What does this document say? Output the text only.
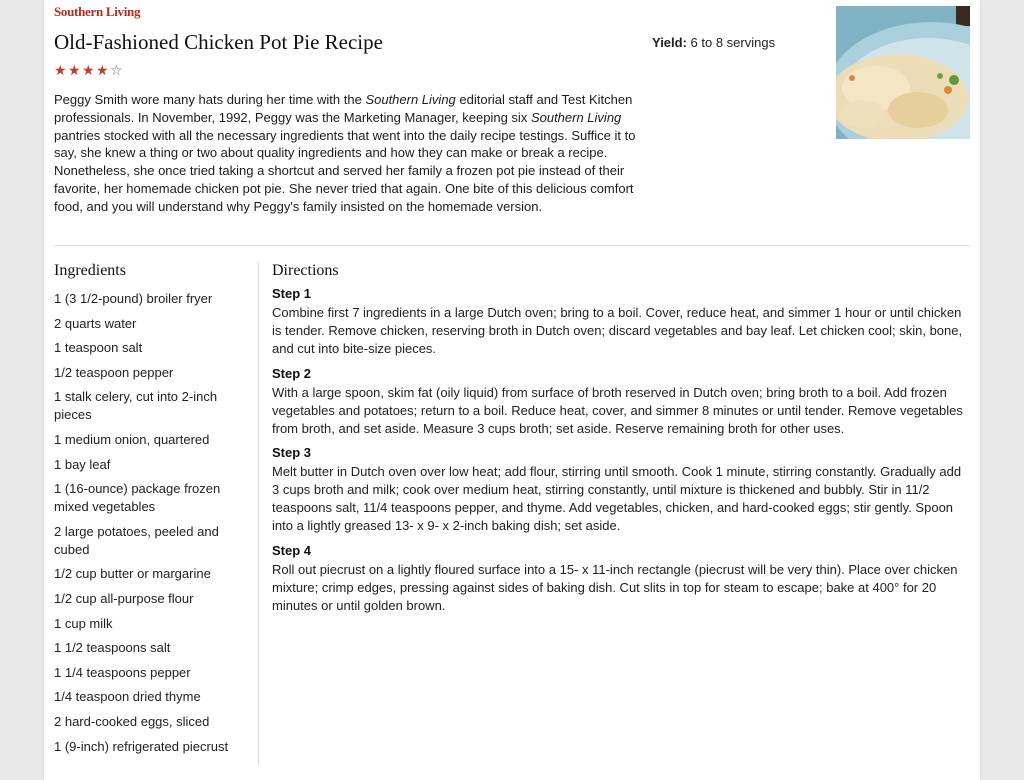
Southern Living
Old-Fashioned Chicken Pot Pie Recipe
★ ★ ★ ★ ☆
Yield: 6 to 8 servings

Peggy Smith wore many hats during her time with the Southern Living editorial staff and Test Kitchen professionals. In November, 1992, Peggy was the Marketing Manager, keeping six Southern Living pantries stocked with all the necessary ingredients that went into the daily recipe testings. Suffice it to say, she knew a thing or two about quality ingredients and how they can make or break a recipe. Nonetheless, she once tried taking a shortcut and served her family a frozen pot pie instead of their favorite, her homemade chicken pot pie. She never tried that again. One bite of this delicious comfort food, and you will understand why Peggy's family insisted on the homemade version.

Ingredients	Directions
1 (3 1/2-pound) broiler fryer
2 quarts water
1 teaspoon salt
1/2 teaspoon pepper
1 stalk celery, cut into 2-inch pieces
1 medium onion, quartered
1 bay leaf
1 (16-ounce) package frozen mixed vegetables
2 large potatoes, peeled and cubed
1/2 cup butter or margarine
1/2 cup all-purpose flour
1 cup milk
1 1/2 teaspoons salt
1 1/4 teaspoons pepper
1/4 teaspoon dried thyme
2 hard-cooked eggs, sliced
1 (9-inch) refrigerated piecrust

Step 1

Combine first 7 ingredients in a large Dutch oven; bring to a boil. Cover, reduce heat, and simmer 1 hour or until chicken is tender. Remove chicken, reserving broth in Dutch oven; discard vegetables and bay leaf. Let chicken cool; skin, bone, and cut into bite-size pieces.

Step 2

With a large spoon, skim fat (oily liquid) from surface of broth reserved in Dutch oven; bring broth to a boil. Add frozen vegetables and potatoes; return to a boil. Reduce heat, cover, and simmer 8 minutes or until tender. Remove vegetables from broth, and set aside. Measure 3 cups broth; set aside. Reserve remaining broth for other uses.

Step 3

Melt butter in Dutch oven over low heat; add flour, stirring until smooth. Cook 1 minute, stirring constantly. Gradually add 3 cups broth and milk; cook over medium heat, stirring constantly, until mixture is thickened and bubbly. Stir in 11/2 teaspoons salt, 11/4 teaspoons pepper, and thyme. Add vegetables, chicken, and hard-cooked eggs; stir gently. Spoon into a lightly greased 13- x 9- x 2-inch baking dish; set aside.

Step 4

Roll out piecrust on a lightly floured surface into a 15- x 11-inch rectangle (piecrust will be very thin). Place over chicken mixture; crimp edges, pressing against sides of baking dish. Cut slits in top for steam to escape; bake at 400° for 20 minutes or until golden brown.
